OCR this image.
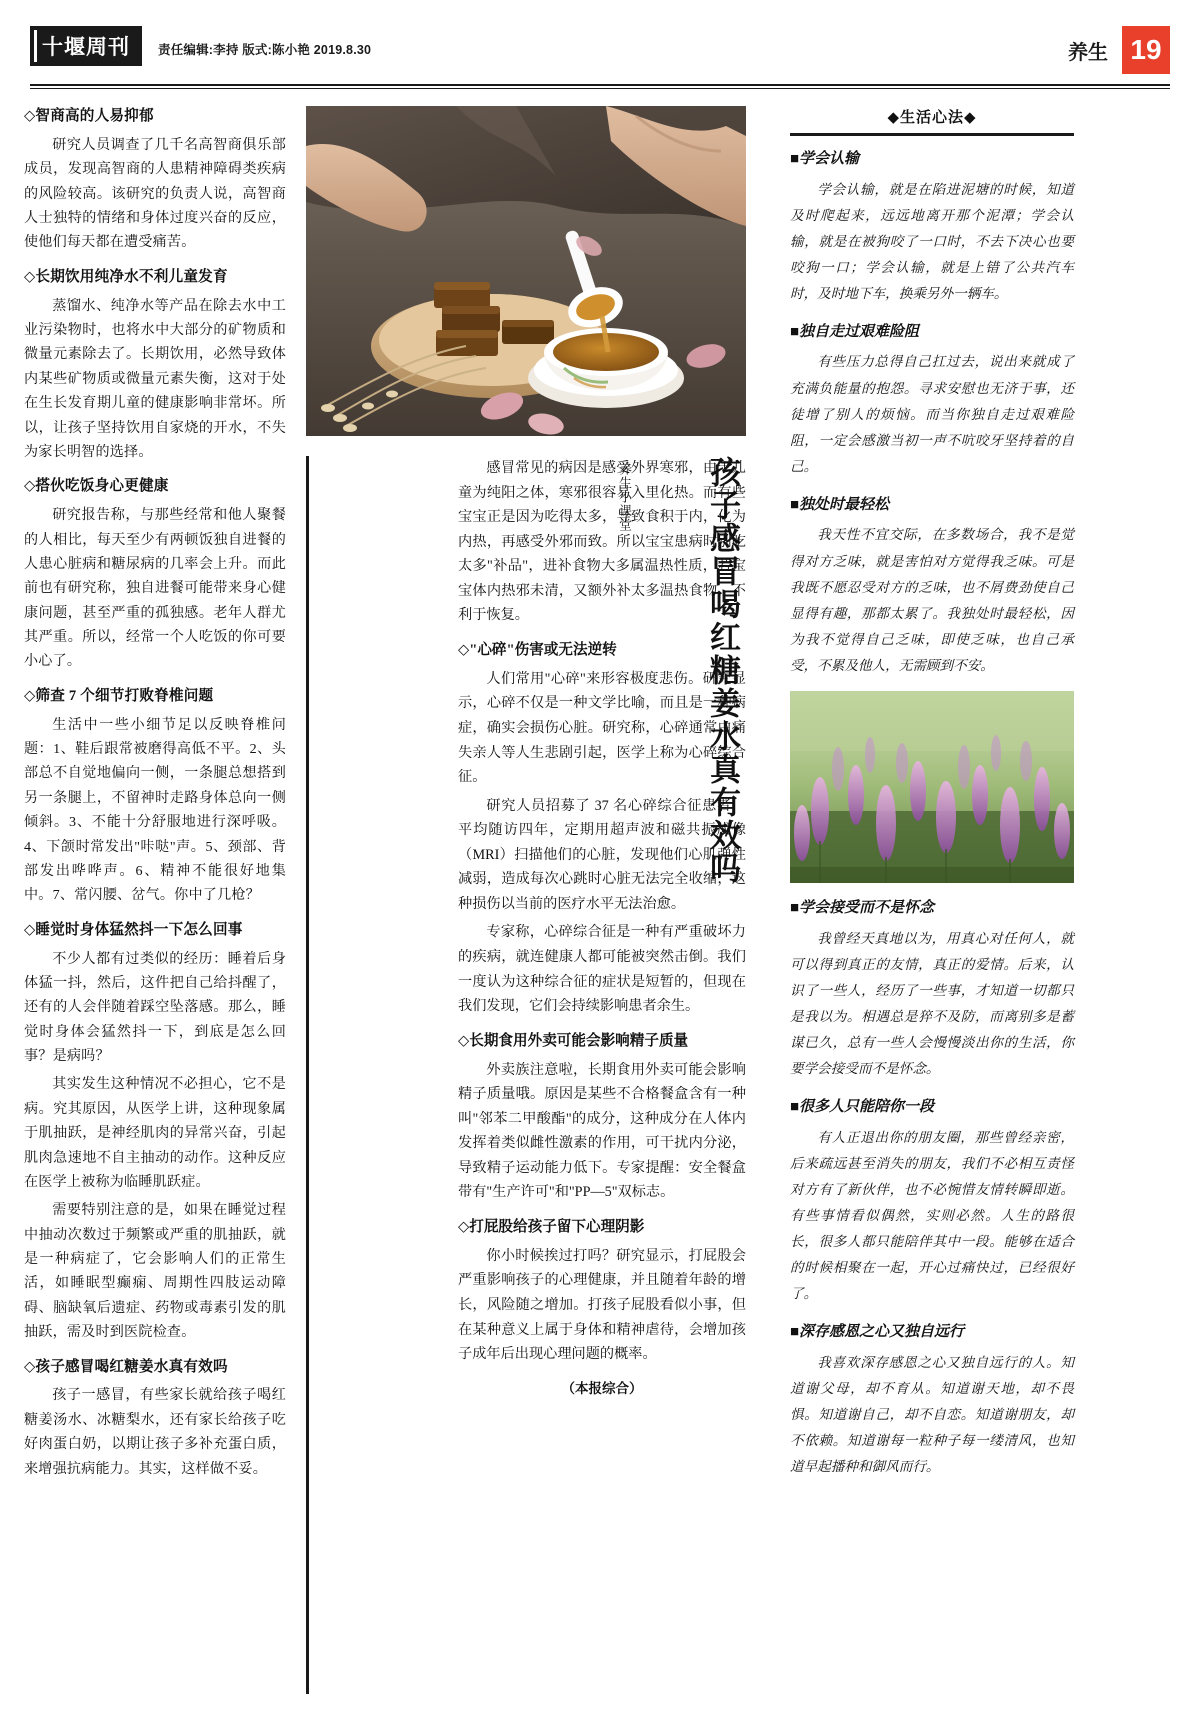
十堰周刊	责任编辑:李持 版式:陈小艳 2019.8.30	养生 19
◇智商高的人易抑郁

研究人员调查了几千名高智商俱乐部成员，发现高智商的人患精神障碍类疾病的风险较高。该研究的负责人说，高智商人士独特的情绪和身体过度兴奋的反应，使他们每天都在遭受痛苦。

◇长期饮用纯净水不利儿童发育

蒸馏水、纯净水等产品在除去水中工业污染物时，也将水中大部分的矿物质和微量元素除去了。长期饮用，必然导致体内某些矿物质或微量元素失衡，这对于处在生长发育期儿童的健康影响非常坏。所以，让孩子坚持饮用自家烧的开水，不失为家长明智的选择。

◇搭伙吃饭身心更健康

研究报告称，与那些经常和他人聚餐的人相比，每天至少有两顿饭独自进餐的人患心脏病和糖尿病的几率会上升。而此前也有研究称，独自进餐可能带来身心健康问题，甚至严重的孤独感。老年人群尤其严重。所以，经常一个人吃饭的你可要小心了。

◇筛查 7 个细节打败脊椎问题

生活中一些小细节足以反映脊椎问题：1、鞋后跟常被磨得高低不平。2、头部总不自觉地偏向一侧，一条腿总想搭到另一条腿上，不留神时走路身体总向一侧倾斜。3、不能十分舒服地进行深呼吸。4、下颌时常发出"咔哒"声。5、颈部、背部发出哗哗声。6、精神不能很好地集中。7、常闪腰、岔气。你中了几枪？

◇睡觉时身体猛然抖一下怎么回事

不少人都有过类似的经历：睡着后身体猛一抖，然后，这件把自己给抖醒了，还有的人会伴随着踩空坠落感。那么，睡觉时身体会猛然抖一下，到底是怎么回事？是病吗？

其实发生这种情况不必担心，它不是病。究其原因，从医学上讲，这种现象属于肌抽跃，是神经肌肉的异常兴奋，引起肌肉急速地不自主抽动的动作。这种反应在医学上被称为临睡肌跃症。

需要特别注意的是，如果在睡觉过程中抽动次数过于频繁或严重的肌抽跃，就是一种病症了，它会影响人们的正常生活，如睡眠型癫痫、周期性四肢运动障碍、脑缺氧后遗症、药物或毒素引发的肌抽跃，需及时到医院检查。

◇孩子感冒喝红糖姜水真有效吗

孩子一感冒，有些家长就给孩子喝红糖姜汤水、冰糖梨水，还有家长给孩子吃好肉蛋白奶，以期让孩子多补充蛋白质，来增强抗病能力。其实，这样做不妥。

养生小课堂 孩子感冒喝红糖姜水真有效吗

感冒常见的病因是感受外界寒邪，由于儿童为纯阳之体，寒邪很容易入里化热。而有些宝宝正是因为吃得太多，导致食积于内，化为内热，再感受外邪而致。所以宝宝患病时别吃太多"补品"，进补食物大多属温热性质，若宝宝体内热邪未清，又额外补太多温热食物，不利于恢复。

◇"心碎"伤害或无法逆转

人们常用"心碎"来形容极度悲伤。研究显示，心碎不仅是一种文学比喻，而且是一种病症，确实会损伤心脏。研究称，心碎通常由痛失亲人等人生悲剧引起，医学上称为心碎综合征。

研究人员招募了 37 名心碎综合征患者，平均随访四年，定期用超声波和磁共振成像（MRI）扫描他们的心脏，发现他们心肌弹性减弱，造成每次心跳时心脏无法完全收缩，这种损伤以当前的医疗水平无法治愈。

专家称，心碎综合征是一种有严重破坏力的疾病，就连健康人都可能被突然击倒。我们一度认为这种综合征的症状是短暂的，但现在我们发现，它们会持续影响患者余生。

◇长期食用外卖可能会影响精子质量

外卖族注意啦，长期食用外卖可能会影响精子质量哦。原因是某些不合格餐盒含有一种叫"邻苯二甲酸酯"的成分，这种成分在人体内发挥着类似雌性激素的作用，可干扰内分泌，导致精子运动能力低下。专家提醒：安全餐盒带有"生产许可"和"PP—5"双标志。

◇打屁股给孩子留下心理阴影

你小时候挨过打吗？研究显示，打屁股会严重影响孩子的心理健康，并且随着年龄的增长，风险随之增加。打孩子屁股看似小事，但在某种意义上属于身体和精神虐待，会增加孩子成年后出现心理问题的概率。

（本报综合）
◆生活心法◆
■学会认输

学会认输，就是在陷进泥塘的时候，知道及时爬起来，远远地离开那个泥潭；学会认输，就是在被狗咬了一口时，不去下决心也要咬狗一口；学会认输，就是上错了公共汽车时，及时地下车，换乘另外一辆车。

■独自走过艰难险阻

有些压力总得自己扛过去，说出来就成了充满负能量的抱怨。寻求安慰也无济于事，还徒增了别人的烦恼。而当你独自走过艰难险阻，一定会感激当初一声不吭咬牙坚持着的自己。

■独处时最轻松

我天性不宜交际，在多数场合，我不是觉得对方乏味，就是害怕对方觉得我乏味。可是我既不愿忍受对方的乏味，也不屑费劲使自己显得有趣，那都太累了。我独处时最轻松，因为我不觉得自己乏味，即使乏味，也自己承受，不累及他人，无需顾到不安。

■学会接受而不是怀念

我曾经天真地以为，用真心对任何人，就可以得到真正的友情，真正的爱情。后来，认识了一些人，经历了一些事，才知道一切都只是我以为。相遇总是猝不及防，而离别多是蓄谋已久，总有一些人会慢慢淡出你的生活，你要学会接受而不是怀念。

■很多人只能陪你一段

有人正退出你的朋友圈，那些曾经亲密，后来疏远甚至消失的朋友，我们不必相互责怪对方有了新伙伴，也不必惋惜友情转瞬即逝。有些事情看似偶然，实则必然。人生的路很长，很多人都只能陪伴其中一段。能够在适合的时候相聚在一起，开心过痛快过，已经很好了。

■深存感恩之心又独自远行

我喜欢深存感恩之心又独自远行的人。知道谢父母，却不育从。知道谢天地，却不畏惧。知道谢自己，却不自恋。知道谢朋友，却不依赖。知道谢每一粒种子每一缕清风，也知道早起播种和御风而行。
